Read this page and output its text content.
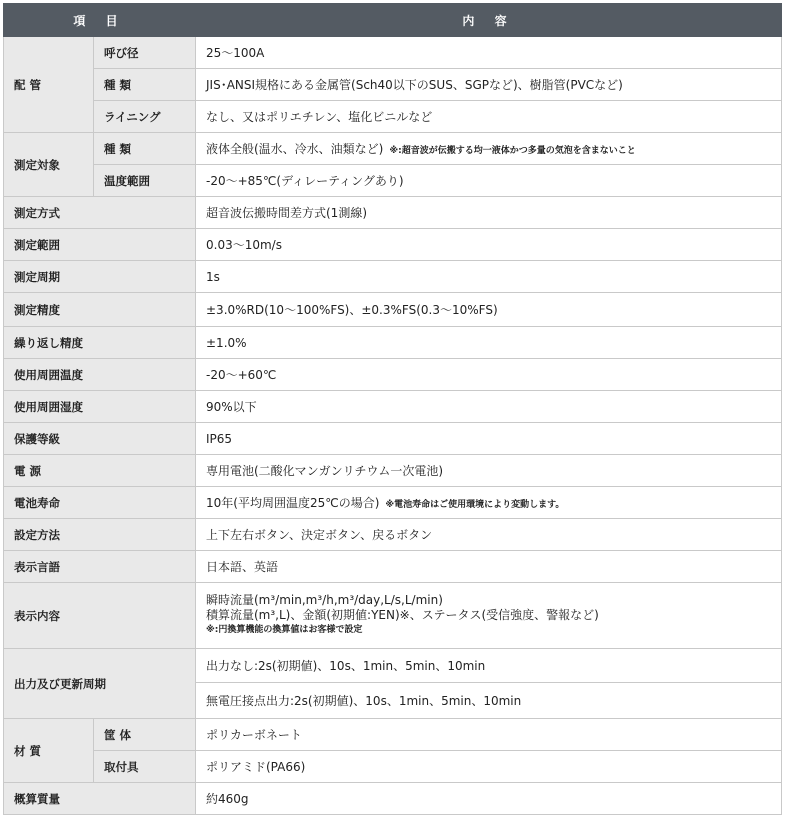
項 目		内 容
配 管	呼び径	25～100A
	種 類	JIS･ANSI規格にある金属管(Sch40以下のSUS、SGPなど)、樹脂管(PVCなど)
	ライニング	なし、又はポリエチレン、塩化ビニルなど
測定対象	種 類	液体全般(温水、冷水、油類など) ※:超音波が伝搬する均一液体かつ多量の気泡を含まないこと
	温度範囲	-20～+85℃(ディレーティングあり)
測定方式		超音波伝搬時間差方式(1測線)
測定範囲		0.03～10m/s
測定周期		1s
測定精度		±3.0%RD(10～100%FS)、±0.3%FS(0.3～10%FS)
繰り返し精度		±1.0%
使用周囲温度		-20～+60℃
使用周囲湿度		90%以下
保護等級		IP65
電 源		専用電池(二酸化マンガンリチウム一次電池)
電池寿命		10年(平均周囲温度25℃の場合) ※電池寿命はご使用環境により変動します。
設定方法		上下左右ボタン、決定ボタン、戻るボタン
表示言語		日本語、英語
表示内容		瞬時流量(m³/min,m³/h,m³/day,L/s,L/min)
積算流量(m³,L)、金額(初期値:YEN)※、ステータス(受信強度、警報など)
※:円換算機能の換算値はお客様で設定

出力及び更新周期		出力なし:2s(初期値)、10s、1min、5min、10min
		無電圧接点出力:2s(初期値)、10s、1min、5min、10min
材 質	筐 体	ポリカーボネート
	取付具	ポリアミド(PA66)
概算質量		約460g
